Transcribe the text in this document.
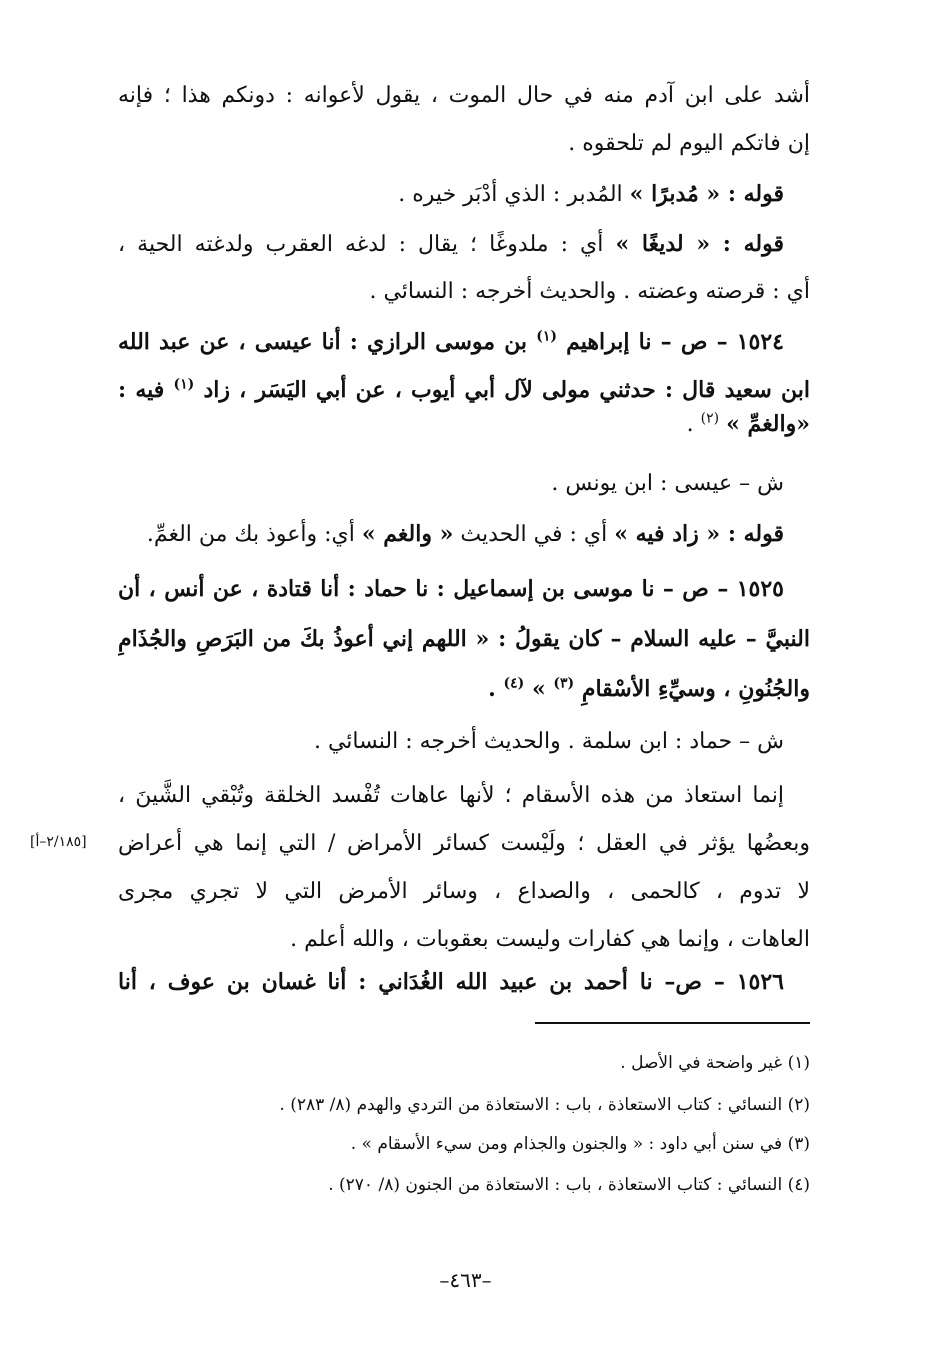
أشد على ابن آدم منه في حال الموت ، يقول لأعوانه : دونكم هذا ؛ فإنه
إن فاتكم اليوم لم تلحقوه .
قوله : « مُدبرًا » المُدبر : الذي أدْبَر خيره .
قوله : « لديغًا » أي : ملدوغًا ؛ يقال : لدغه العقرب ولدغته الحية ،
أي : قرصته وعضته . والحديث أخرجه : النسائي .
١٥٢٤ – ص – نا إبراهيم $^{(١)}$ بن موسى الرازي : أنا عيسى ، عن عبد الله
ابن سعيد قال : حدثني مولى لآل أبي أيوب ، عن أبي اليَسَر ، زاد $^{(١)}$ فيه :
«والغمِّ » $^{(٢)}$ .
ش – عيسى : ابن يونس .
قوله : « زاد فيه » أي : في الحديث « والغم » أي: وأعوذ بك من الغمِّ.
١٥٢٥ – ص – نا موسى بن إسماعيل : نا حماد : أنا قتادة ، عن أنس ، أن
النبيَّ – عليه السلام – كان يقولُ : « اللهم إني أعوذُ بكَ من البَرَصِ والجُذَامِ
والجُنُونِ ، وسيِّءِ الأسْقامِ $^{(٣)}$ » $^{(٤)}$ .
ش – حماد : ابن سلمة . والحديث أخرجه : النسائي .
إنما استعاذ من هذه الأسقام ؛ لأنها عاهات تُفْسد الخلقة وتُبْقي الشَّينَ ،
وبعضُها يؤثر في العقل ؛ ولَيْست كسائر الأمراض / التي إنما هي أعراض
لا تدوم ، كالحمى ، والصداع ، وسائر الأمرض التي لا تجري مجرى
العاهات ، وإنما هي كفارات وليست بعقوبات ، والله أعلم .
١٥٢٦ – ص– نا أحمد بن عبيد الله الغُدَاني : أنا غسان بن عوف ، أنا
[٢/١٨٥–أ]
(١) غير واضحة في الأصل .
(٢) النسائي : كتاب الاستعاذة ، باب : الاستعاذة من التردي والهدم (٨/ ٢٨٣) .
(٣) في سنن أبي داود : « والجنون والجذام ومن سيء الأسقام » .
(٤) النسائي : كتاب الاستعاذة ، باب : الاستعاذة من الجنون (٨/ ٢٧٠) .
–٤٦٣–
